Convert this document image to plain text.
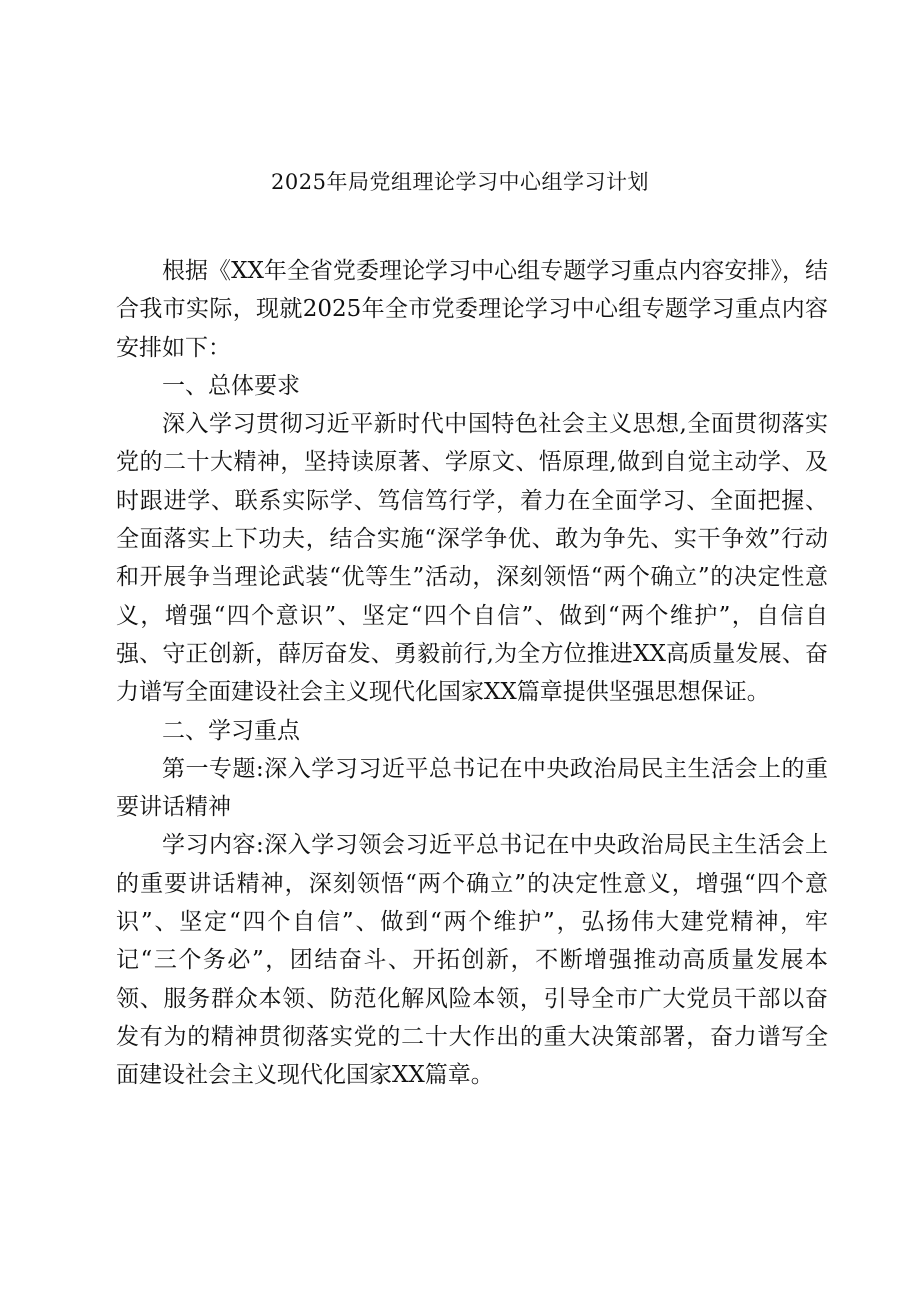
2025年局党组理论学习中心组学习计划

根据《XX年全省党委理论学习中心组专题学习重点内容安排》，结合我市实际，现就2025年全市党委理论学习中心组专题学习重点内容安排如下：

一、总体要求

深入学习贯彻习近平新时代中国特色社会主义思想,全面贯彻落实党的二十大精神，坚持读原著、学原文、悟原理,做到自觉主动学、及时跟进学、联系实际学、笃信笃行学，着力在全面学习、全面把握、全面落实上下功夫，结合实施“深学争优、敢为争先、实干争效”行动和开展争当理论武装“优等生”活动，深刻领悟“两个确立”的决定性意义，增强“四个意识”、坚定“四个自信”、做到“两个维护”，自信自强、守正创新，薛厉奋发、勇毅前行,为全方位推进XX高质量发展、奋力谱写全面建设社会主义现代化国家XX篇章提供坚强思想保证。

二、学习重点

第一专题:深入学习习近平总书记在中央政治局民主生活会上的重要讲话精神

学习内容:深入学习领会习近平总书记在中央政治局民主生活会上的重要讲话精神，深刻领悟“两个确立”的决定性意义，增强“四个意识”、坚定“四个自信”、做到“两个维护”，弘扬伟大建党精神，牢记“三个务必”，团结奋斗、开拓创新，不断增强推动高质量发展本领、服务群众本领、防范化解风险本领，引导全市广大党员干部以奋发有为的精神贯彻落实党的二十大作出的重大决策部署，奋力谱写全面建设社会主义现代化国家XX篇章。
